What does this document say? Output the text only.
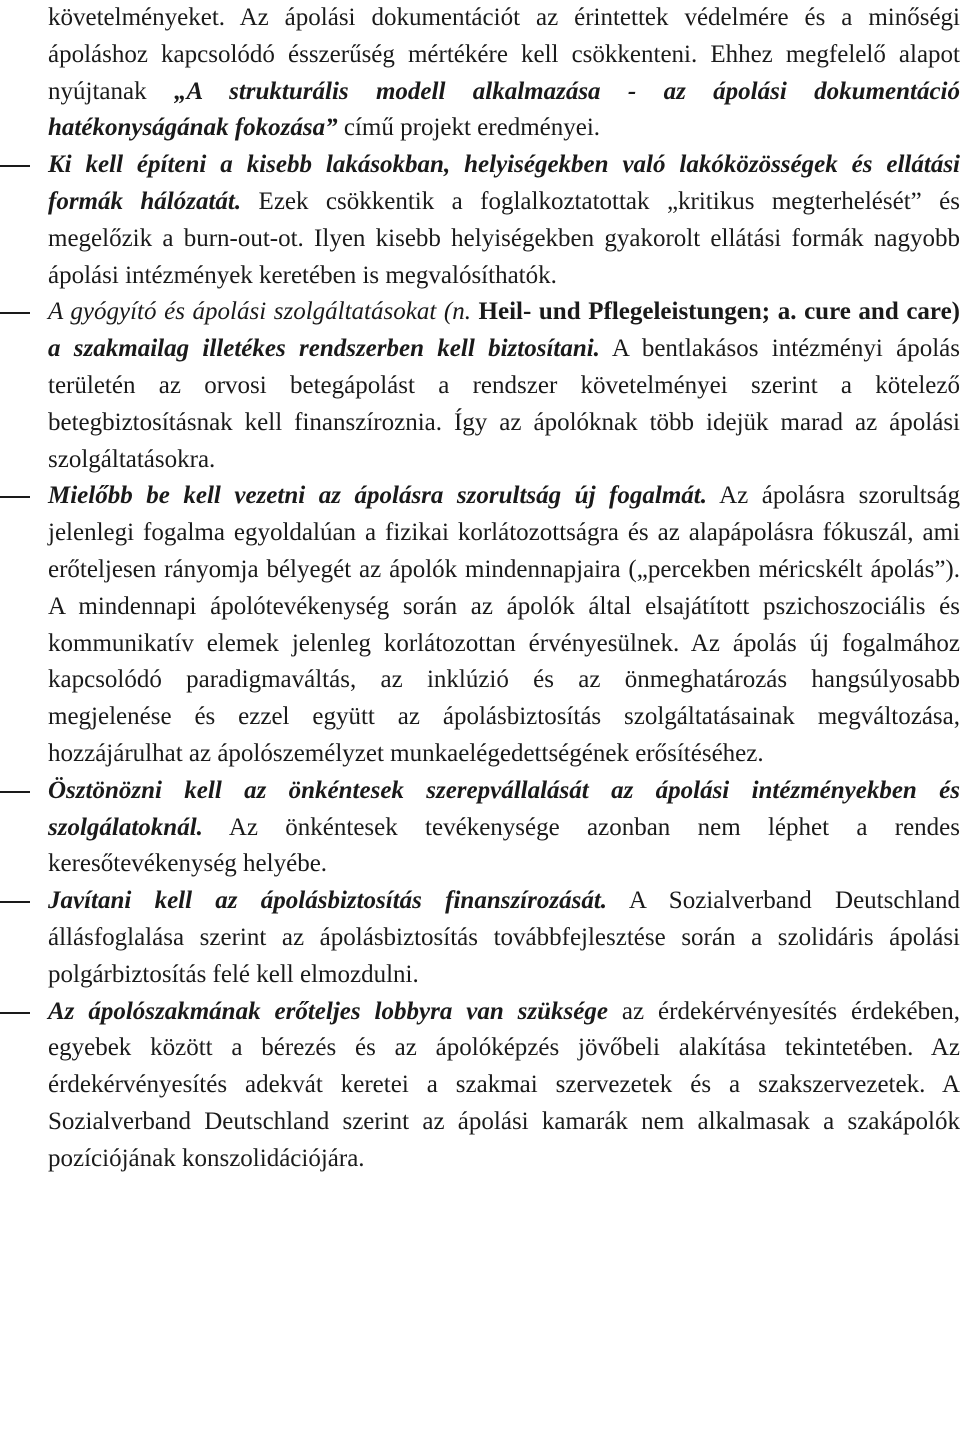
követelményeket. Az ápolási dokumentációt az érintettek védelmére és a minőségi ápoláshoz kapcsolódó ésszerűség mértékére kell csökkenteni. Ehhez megfelelő alapot nyújtanak „A strukturális modell alkalmazása - az ápolási dokumentáció hatékonyságának fokozása” című projekt eredményei.

Ki kell építeni a kisebb lakásokban, helyiségekben való lakóközösségek és ellátási formák hálózatát. Ezek csökkentik a foglalkoztatottak „kritikus megterhelését” és megelőzik a burn-out-ot. Ilyen kisebb helyiségekben gyakorolt ellátási formák nagyobb ápolási intézmények keretében is megvalósíthatók.

A gyógyító és ápolási szolgáltatásokat (n. Heil- und Pflegeleistungen; a. cure and care) a szakmailag illetékes rendszerben kell biztosítani. A bentlakásos intézményi ápolás területén az orvosi betegápolást a rendszer követelményei szerint a kötelező betegbiztosításnak kell finanszíroznia. Így az ápolóknak több idejük marad az ápolási szolgáltatásokra.

Mielőbb be kell vezetni az ápolásra szorultság új fogalmát. Az ápolásra szorultság jelenlegi fogalma egyoldalúan a fizikai korlátozottságra és az alapápolásra fókuszál, ami erőteljesen rányomja bélyegét az ápolók mindennapjaira („percekben méricskélt ápolás”). A mindennapi ápolótevékenység során az ápolók által elsajátított pszichoszociális és kommunikatív elemek jelenleg korlátozottan érvényesülnek. Az ápolás új fogalmához kapcsolódó paradigmaváltás, az inklúzió és az önmeghatározás hangsúlyosabb megjelenése és ezzel együtt az ápolásbiztosítás szolgáltatásainak megváltozása, hozzájárulhat az ápolószemélyzet munkaelégedettségének erősítéséhez.

Ösztönözni kell az önkéntesek szerepvállalását az ápolási intézményekben és szolgálatoknál. Az önkéntesek tevékenysége azonban nem léphet a rendes keresőtevékenység helyébe.

Javítani kell az ápolásbiztosítás finanszírozását. A Sozialverband Deutschland állásfoglalása szerint az ápolásbiztosítás továbbfejlesztése során a szolidáris ápolási polgárbiztosítás felé kell elmozdulni.

Az ápolószakmának erőteljes lobbyra van szüksége az érdekérvényesítés érdekében, egyebek között a bérezés és az ápolóképzés jövőbeli alakítása tekintetében. Az érdekérvényesítés adekvát keretei a szakmai szervezetek és a szakszervezetek. A Sozialverband Deutschland szerint az ápolási kamarák nem alkalmasak a szakápolók pozíciójának konszolidációjára.
